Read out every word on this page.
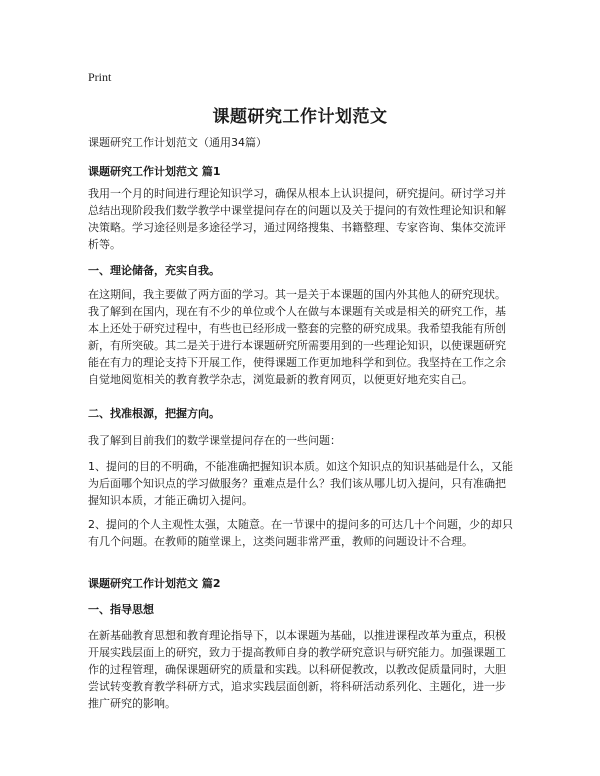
Print
课题研究工作计划范文

课题研究工作计划范文（通用34篇）

课题研究工作计划范文 篇1

我用一个月的时间进行理论知识学习，确保从根本上认识提问，研究提问。研讨学习并总结出现阶段我们数学教学中课堂提问存在的问题以及关于提问的有效性理论知识和解决策略。学习途径则是多途径学习，通过网络搜集、书籍整理、专家咨询、集体交流评析等。

一、理论储备，充实自我。

在这期间，我主要做了两方面的学习。其一是关于本课题的国内外其他人的研究现状。我了解到在国内，现在有不少的单位或个人在做与本课题有关或是相关的研究工作，基本上还处于研究过程中，有些也已经形成一整套的完整的研究成果。我希望我能有所创新，有所突破。其二是关于进行本课题研究所需要用到的一些理论知识，以使课题研究能在有力的理论支持下开展工作，使得课题工作更加地科学和到位。我坚持在工作之余自觉地阅览相关的教育教学杂志，浏览最新的教育网页，以便更好地充实自己。

二、找准根源，把握方向。

我了解到目前我们的数学课堂提问存在的一些问题：

1、提问的目的不明确，不能准确把握知识本质。如这个知识点的知识基础是什么，又能为后面哪个知识点的学习做服务？重难点是什么？我们该从哪儿切入提问，只有准确把握知识本质，才能正确切入提问。

2、提问的个人主观性太强，太随意。在一节课中的提问多的可达几十个问题，少的却只有几个问题。在教师的随堂课上，这类问题非常严重，教师的问题设计不合理。

课题研究工作计划范文 篇2

一、指导思想

在新基础教育思想和教育理论指导下，以本课题为基础，以推进课程改革为重点，积极开展实践层面上的研究，致力于提高教师自身的教学研究意识与研究能力。加强课题工作的过程管理，确保课题研究的质量和实践。以科研促教改，以教改促质量同时，大胆尝试转变教育教学科研方式，追求实践层面创新，将科研活动系列化、主题化，进一步推广研究的影响。
